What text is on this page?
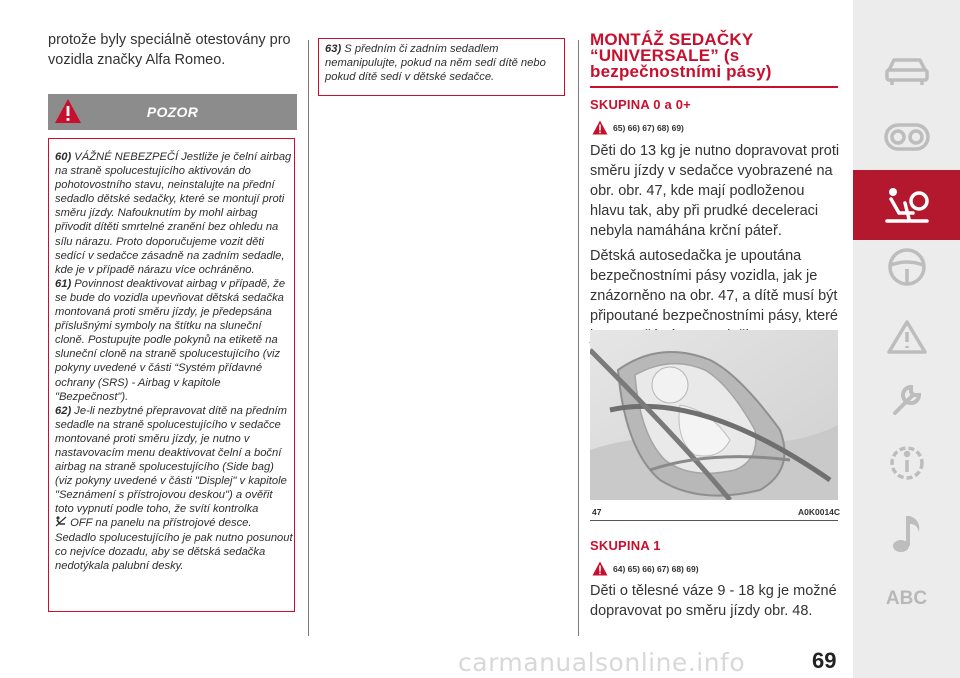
protože byly speciálně otestovány pro vozidla značky Alfa Romeo.
POZOR

60) VÁŽNÉ NEBEZPEČÍ Jestliže je čelní airbag na straně spolucestujícího aktivován do pohotovostního stavu, neinstalujte na přední sedadlo dětské sedačky, které se montují proti směru jízdy. Nafouknutím by mohl airbag přivodit dítěti smrtelné zranění bez ohledu na sílu nárazu. Proto doporučujeme vozit děti sedící v sedačce zásadně na zadním sedadle, kde je v případě nárazu více ochráněno.

61) Povinnost deaktivovat airbag v případě, že se bude do vozidla upevňovat dětská sedačka montovaná proti směru jízdy, je předepsána příslušnými symboly na štítku na sluneční cloně. Postupujte podle pokynů na etiketě na sluneční cloně na straně spolucestujícího (viz pokyny uvedené v části “Systém přídavné ochrany (SRS) - Airbag v kapitole "Bezpečnost").

62) Je-li nezbytné přepravovat dítě na předním sedadle na straně spolucestujícího v sedačce montované proti směru jízdy, je nutno v nastavovacím menu deaktivovat čelní a boční airbag na straně spolucestujícího (Side bag) (viz pokyny uvedené v části "Displej" v kapitole "Seznámení s přístrojovou deskou") a ověřit toto vypnutí podle toho, že svítí kontrolka
OFF na panelu na přístrojové desce. Sedadlo spolucestujícího je pak nutno posunout co nejvíce dozadu, aby se dětská sedačka nedotýkala palubní desky.

63) S předním či zadním sedadlem nemanipulujte, pokud na něm sedí dítě nebo pokud dítě sedí v dětské sedačce.
MONTÁŽ SEDAČKY
“UNIVERSALE” (s
bezpečnostními pásy)
SKUPINA 0 a 0+
65) 66) 67) 68) 69)

Děti do 13 kg je nutno dopravovat proti směru jízdy v sedačce vyobrazené na obr. obr. 47, kde mají podloženou hlavu tak, aby při prudké deceleraci nebyla namáhána krční páteř.

Dětská autosedačka je upoutána bezpečnostními pásy vozidla, jak je znázorněno na obr. 47, a dítě musí být připoutané bezpečnostními pásy, které

47	A0K0014C
SKUPINA 1
64) 65) 66) 67) 68) 69)

Děti o tělesné váze 9 - 18 kg je možné dopravovat po směru jízdy obr. 48.

carmanualsonline.info	69
ABC
